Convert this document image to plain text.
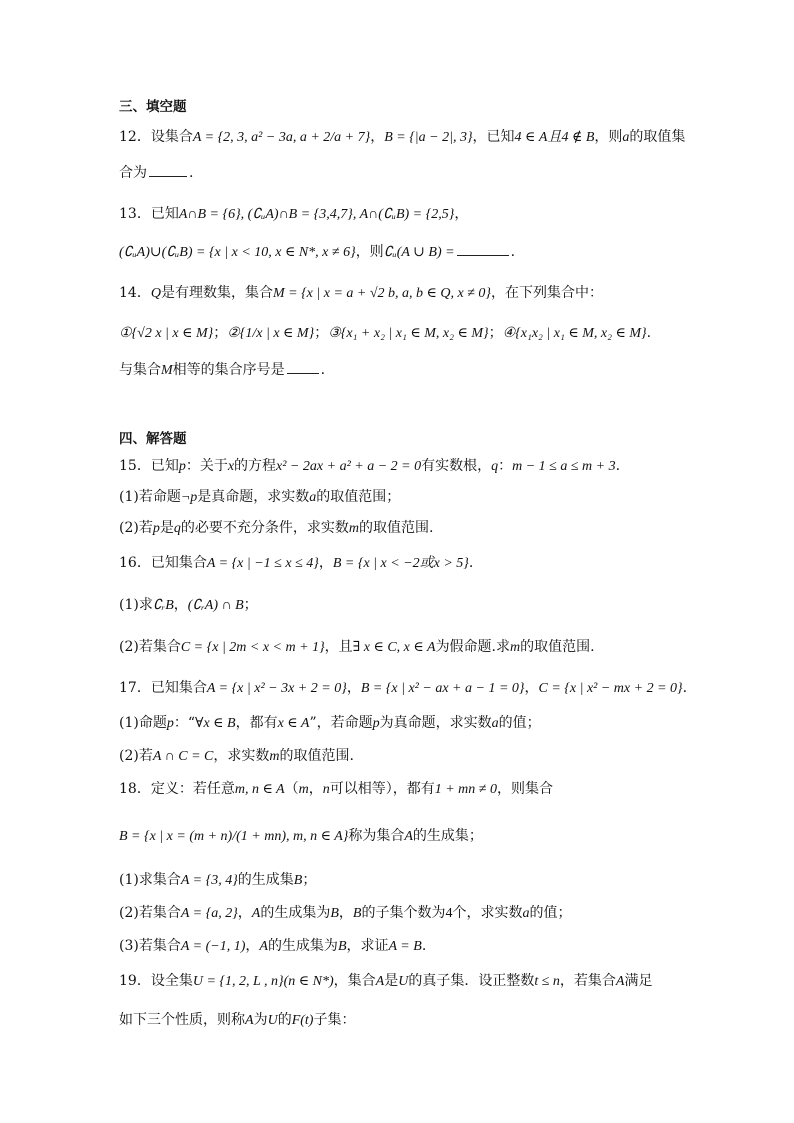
三、填空题
12．设集合A = {2, 3, a² − 3a, a + 2/a + 7}，B = {|a − 2|, 3}，已知4 ∈ A且4 ∉ B，则a的取值集
合为	.
13．已知A∩B = {6}, (∁ᵤA)∩B = {3,4,7}, A∩(∁ᵤB) = {2,5}，
(∁ᵤA)∪(∁ᵤB) = {x | x < 10, x ∈ N*, x ≠ 6}，则∁ᵤ(A ∪ B) =	.
14．Q是有理数集，集合M = {x | x = a + √2 b, a, b ∈ Q, x ≠ 0}，在下列集合中：
①{√2 x | x ∈ M}；②{1/x | x ∈ M}；③{x₁ + x₂ | x₁ ∈ M, x₂ ∈ M}；④{x₁x₂ | x₁ ∈ M, x₂ ∈ M}.
与集合M相等的集合序号是	.
四、解答题
15．已知p：关于x的方程x² − 2ax + a² + a − 2 = 0有实数根，q：m − 1 ≤ a ≤ m + 3.
(1)若命题¬p是真命题，求实数a的取值范围；
(2)若p是q的必要不充分条件，求实数m的取值范围.
16．已知集合A = {x | −1 ≤ x ≤ 4}，B = {x | x < −2或x > 5}.
(1)求∁ᵣB，(∁ᵣA) ∩ B；
(2)若集合C = {x | 2m < x < m + 1}，且∃ x ∈ C, x ∈ A为假命题.求m的取值范围.
17．已知集合A = {x | x² − 3x + 2 = 0}，B = {x | x² − ax + a − 1 = 0}，C = {x | x² − mx + 2 = 0}.
(1)命题p：“∀x ∈ B，都有x ∈ A”，若命题p为真命题，求实数a的值；
(2)若A ∩ C = C，求实数m的取值范围.
18．定义：若任意m, n ∈ A（m，n可以相等），都有1 + mn ≠ 0，则集合
B = {x | x = (m + n)/(1 + mn), m, n ∈ A}称为集合A的生成集；
(1)求集合A = {3, 4}的生成集B；
(2)若集合A = {a, 2}，A的生成集为B，B的子集个数为4个，求实数a的值；
(3)若集合A = (−1, 1)，A的生成集为B，求证A = B.
19．设全集U = {1, 2, L , n}(n ∈ N*)，集合A是U的真子集．设正整数t ≤ n，若集合A满足
如下三个性质，则称A为U的F(t)子集：
